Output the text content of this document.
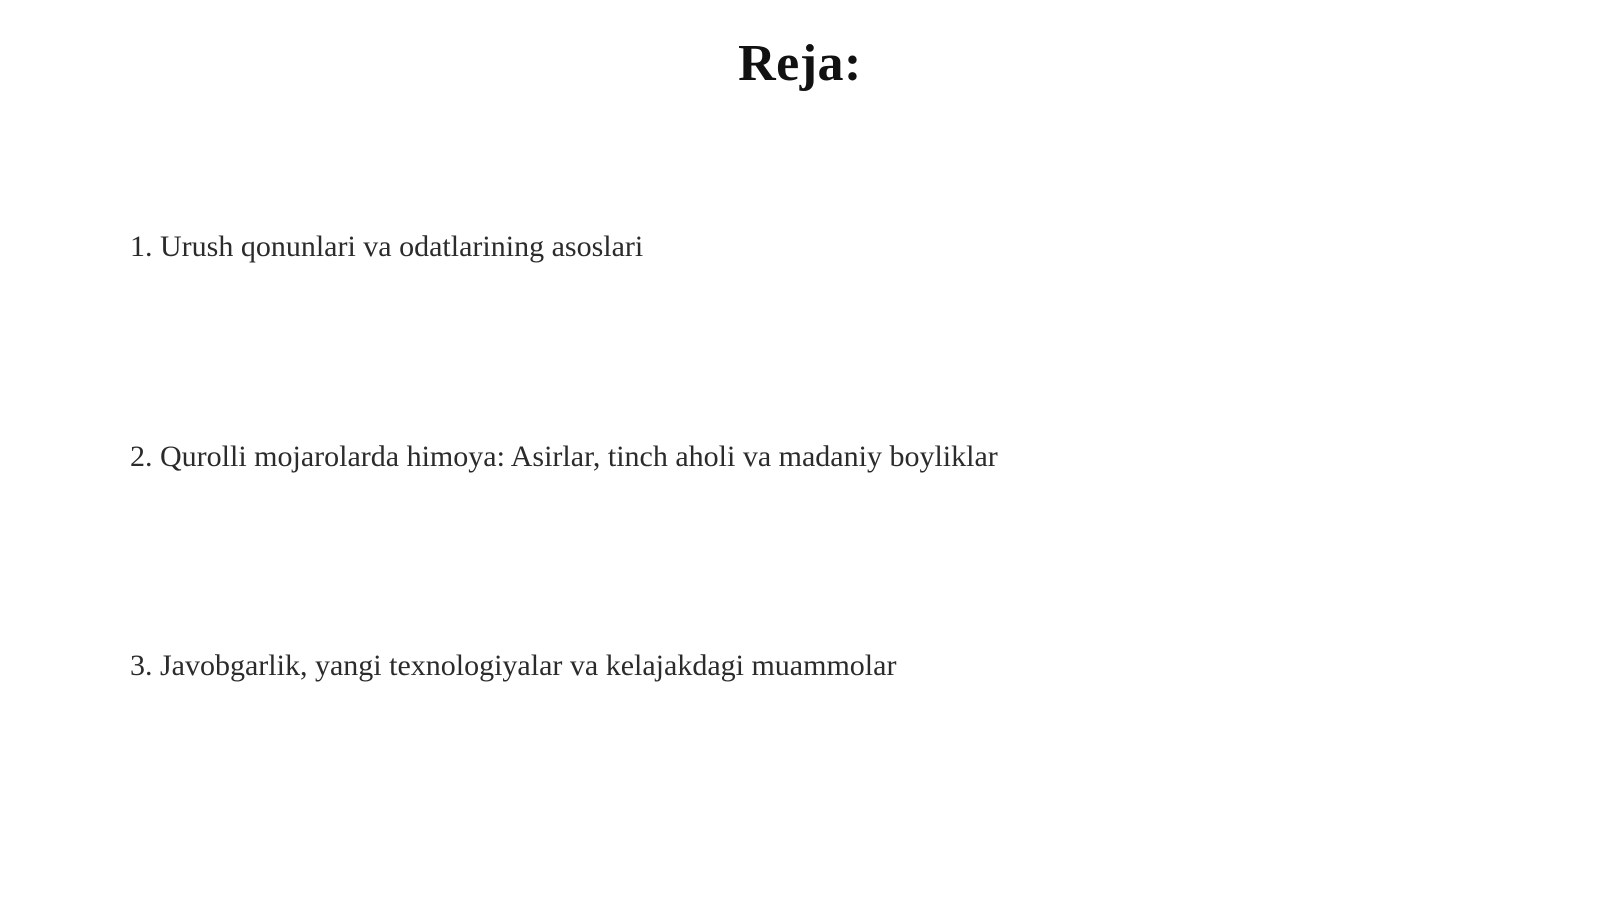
Reja:
1. Urush qonunlari va odatlarining asoslari
2. Qurolli mojarolarda himoya: Asirlar, tinch aholi va madaniy boyliklar
3. Javobgarlik, yangi texnologiyalar va kelajakdagi muammolar
